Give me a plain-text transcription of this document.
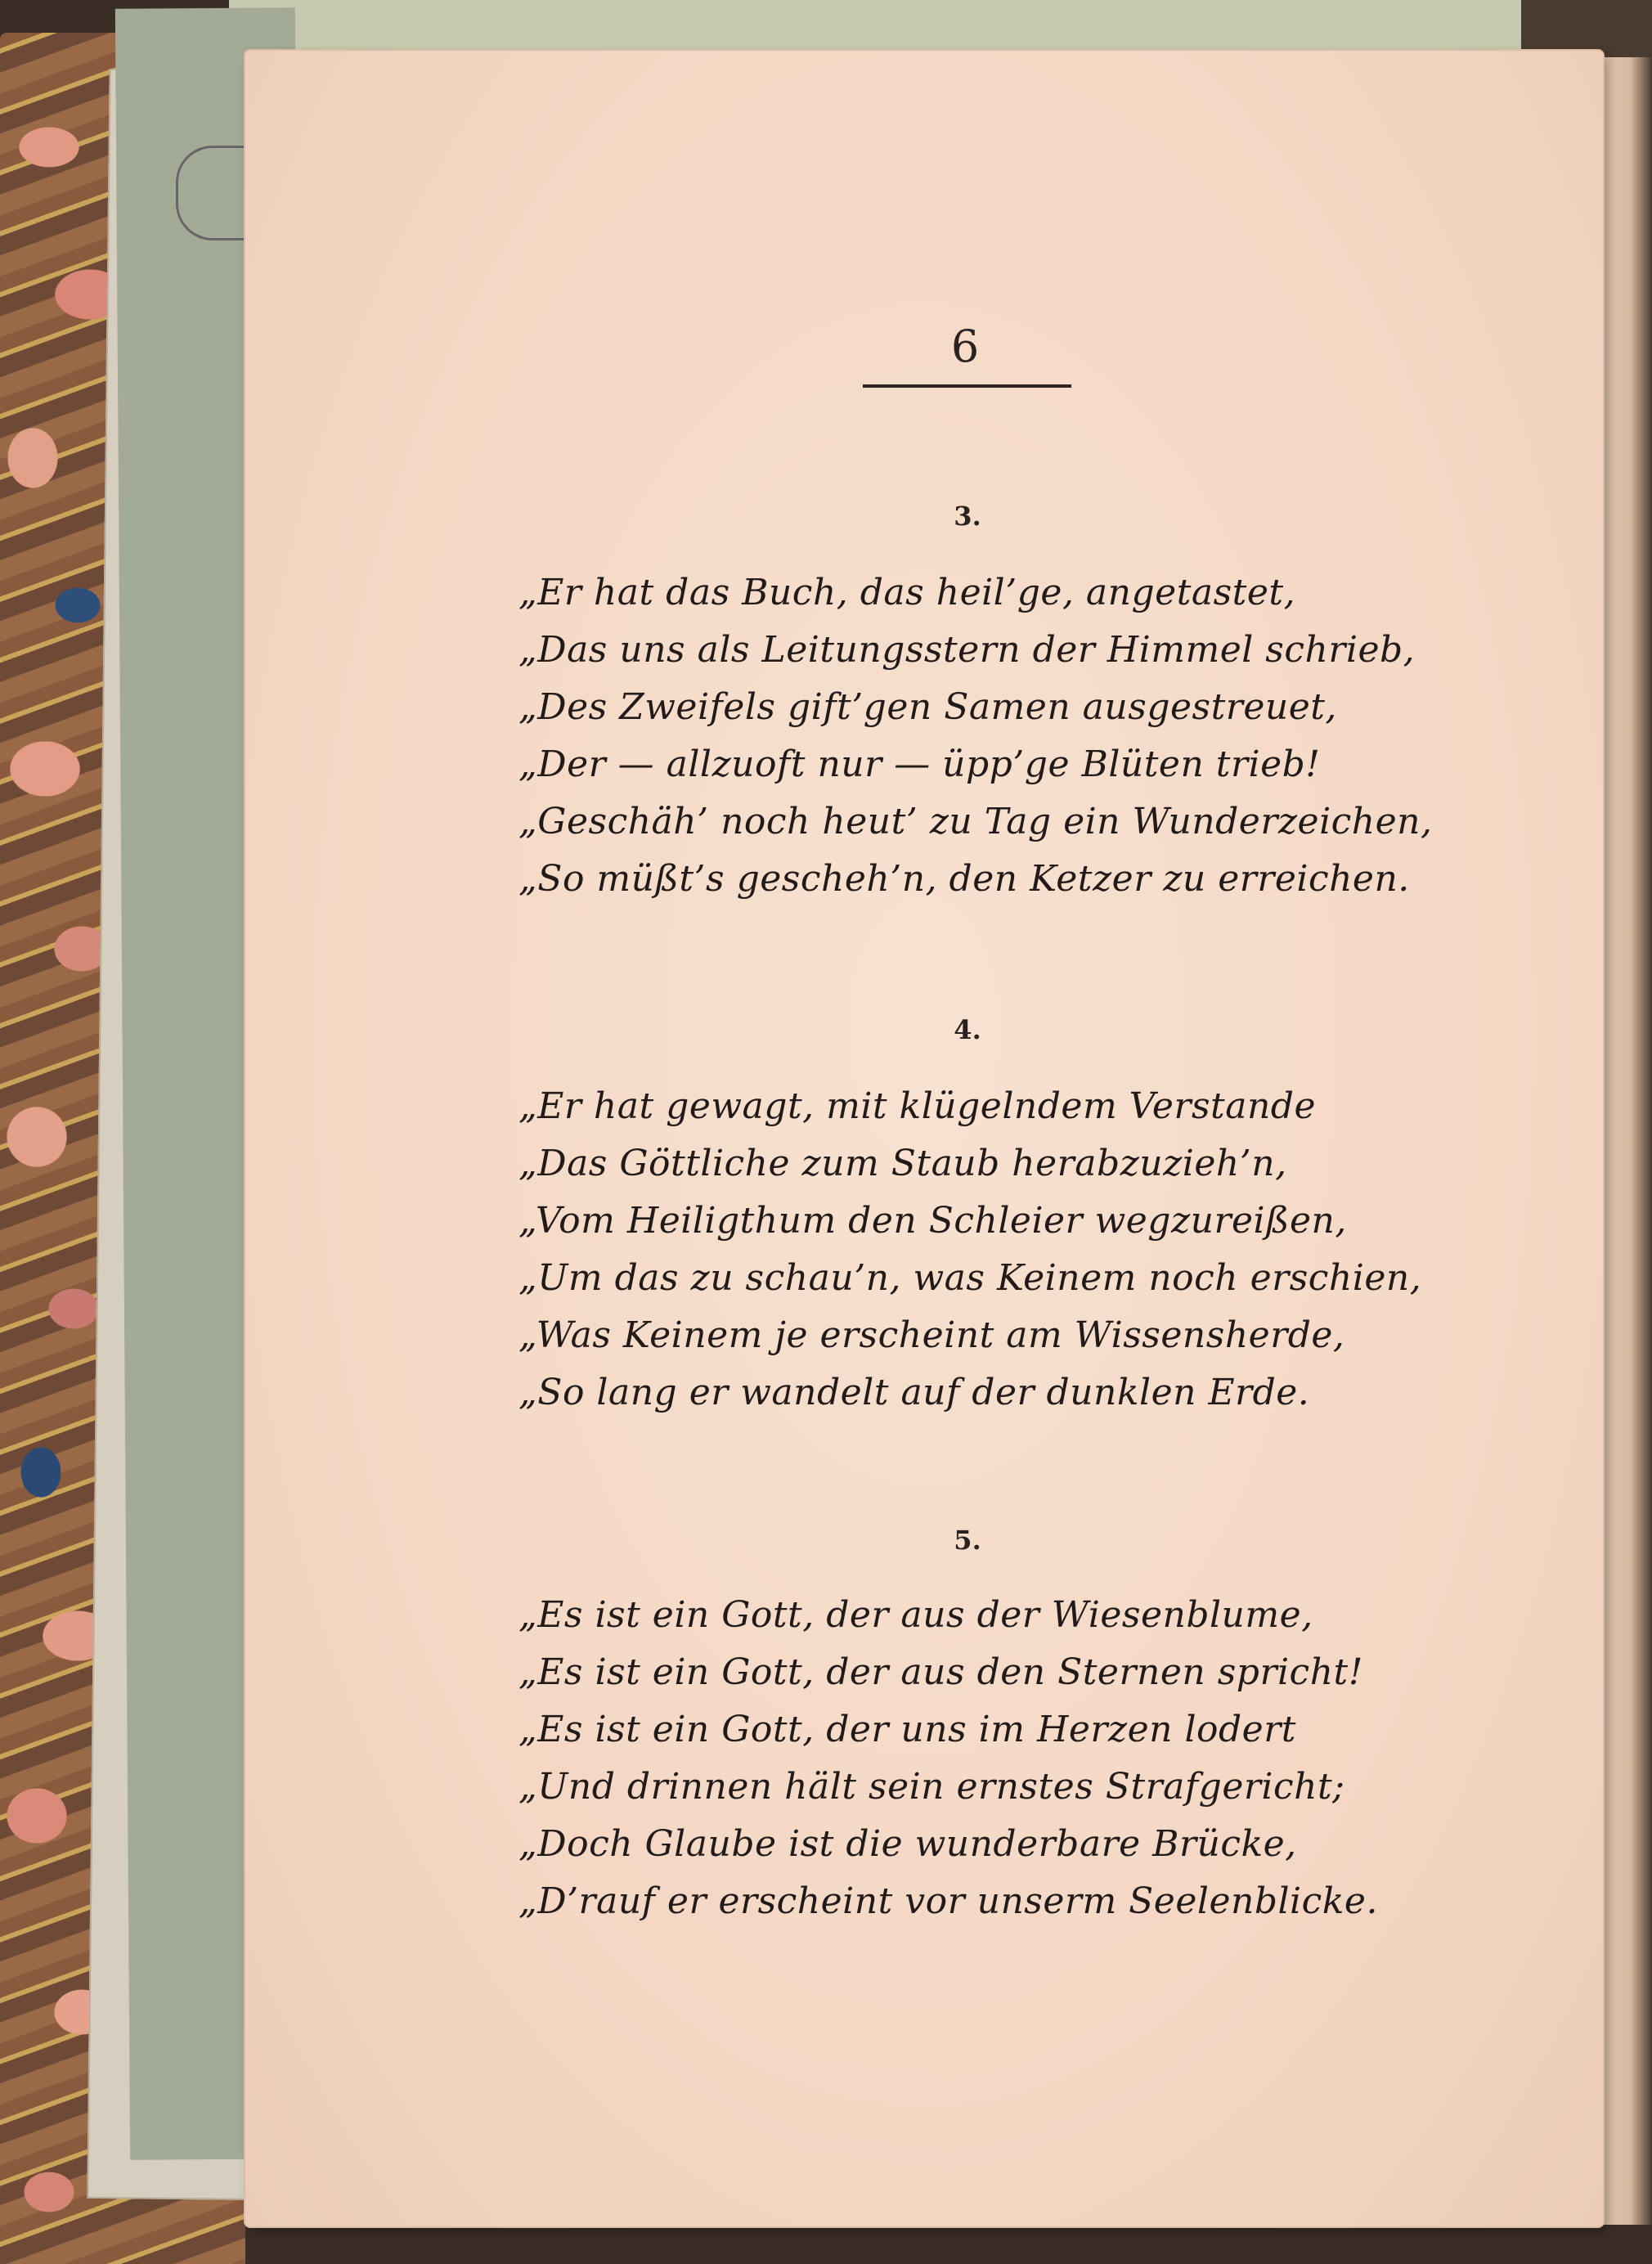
6
3.
„Er hat das Buch, das heil’ge, angetastet,
„Das uns als Leitungsstern der Himmel schrieb,
„Des Zweifels gift’gen Samen ausgestreuet,
„Der — allzuoft nur — üpp’ge Blüten trieb!
„Geschäh’ noch heut’ zu Tag ein Wunderzeichen,
„So müßt’s gescheh’n, den Ketzer zu erreichen.
4.
„Er hat gewagt, mit klügelndem Verstande
„Das Göttliche zum Staub herabzuzieh’n,
„Vom Heiligthum den Schleier wegzureißen,
„Um das zu schau’n, was Keinem noch erschien,
„Was Keinem je erscheint am Wissensherde,
„So lang er wandelt auf der dunklen Erde.
5.
„Es ist ein Gott, der aus der Wiesenblume,
„Es ist ein Gott, der aus den Sternen spricht!
„Es ist ein Gott, der uns im Herzen lodert
„Und drinnen hält sein ernstes Strafgericht;
„Doch Glaube ist die wunderbare Brücke,
„D’rauf er erscheint vor unserm Seelenblicke.
